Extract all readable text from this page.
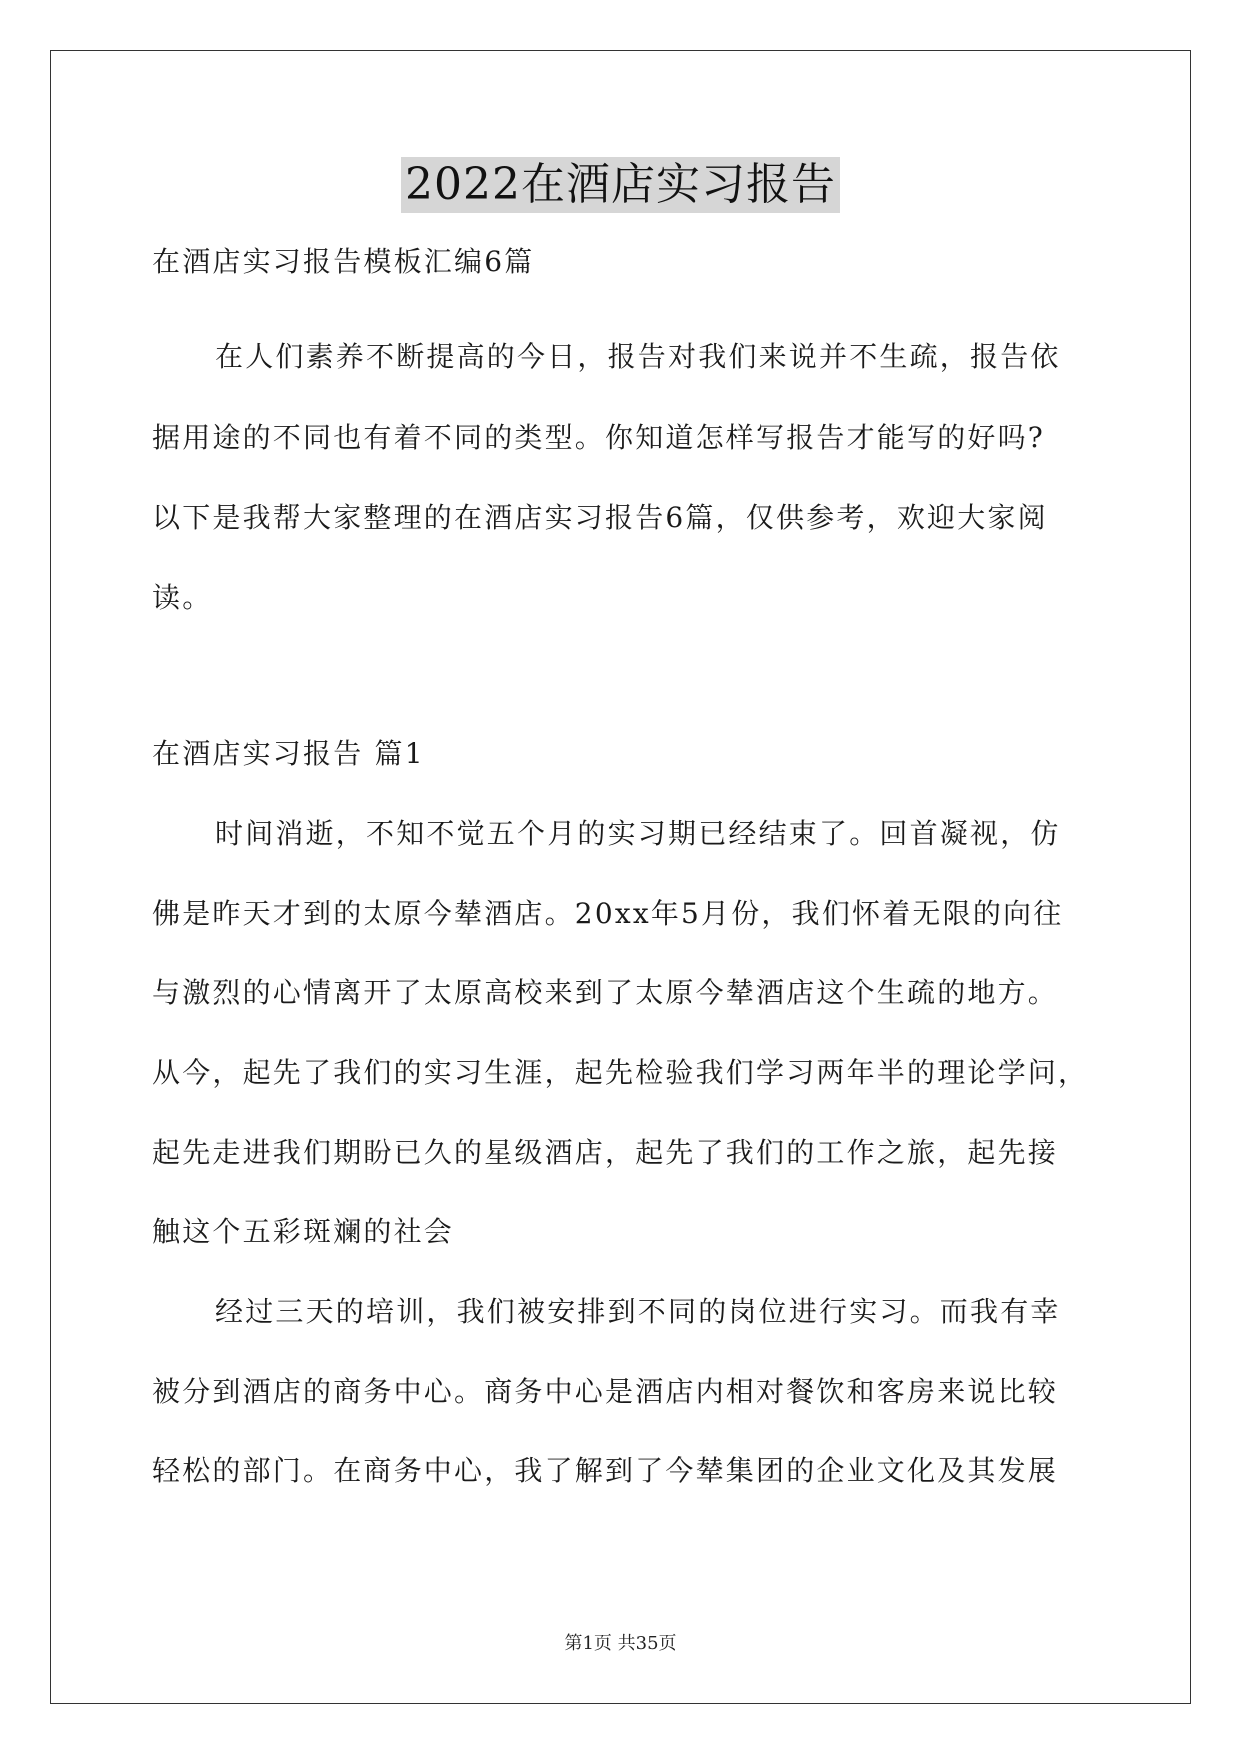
2022在酒店实习报告
在酒店实习报告模板汇编6篇
在人们素养不断提高的今日，报告对我们来说并不生疏，报告依
据用途的不同也有着不同的类型。你知道怎样写报告才能写的好吗?
以下是我帮大家整理的在酒店实习报告6篇，仅供参考，欢迎大家阅
读。
在酒店实习报告 篇1
时间消逝，不知不觉五个月的实习期已经结束了。回首凝视，仿
佛是昨天才到的太原今辇酒店。20xx年5月份，我们怀着无限的向往
与激烈的心情离开了太原高校来到了太原今辇酒店这个生疏的地方。
从今，起先了我们的实习生涯，起先检验我们学习两年半的理论学问，
起先走进我们期盼已久的星级酒店，起先了我们的工作之旅，起先接
触这个五彩斑斓的社会
经过三天的培训，我们被安排到不同的岗位进行实习。而我有幸
被分到酒店的商务中心。商务中心是酒店内相对餐饮和客房来说比较
轻松的部门。在商务中心，我了解到了今辇集团的企业文化及其发展
第1页 共35页
